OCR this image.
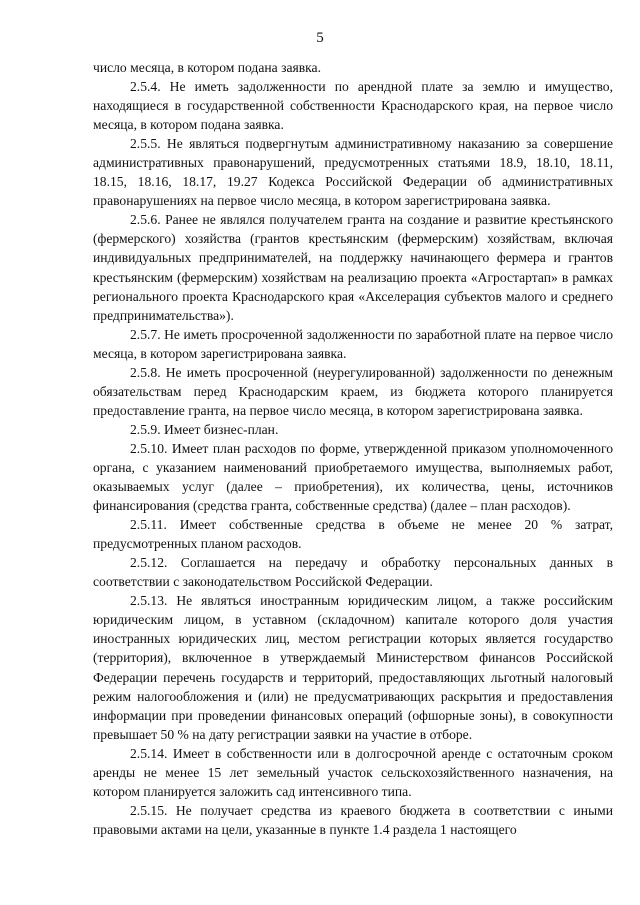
5

число месяца, в котором подана заявка.

2.5.4. Не иметь задолженности по арендной плате за землю и имущество, находящиеся в государственной собственности Краснодарского края, на первое число месяца, в котором подана заявка.

2.5.5. Не являться подвергнутым административному наказанию за совершение административных правонарушений, предусмотренных статьями 18.9, 18.10, 18.11, 18.15, 18.16, 18.17, 19.27 Кодекса Российской Федерации об административных правонарушениях на первое число месяца, в котором зарегистрирована заявка.

2.5.6. Ранее не являлся получателем гранта на создание и развитие крестьянского (фермерского) хозяйства (грантов крестьянским (фермерским) хозяйствам, включая индивидуальных предпринимателей, на поддержку начинающего фермера и грантов крестьянским (фермерским) хозяйствам на реализацию проекта «Агростартап» в рамках регионального проекта Краснодарского края «Акселерация субъектов малого и среднего предпринимательства»).

2.5.7. Не иметь просроченной задолженности по заработной плате на первое число месяца, в котором зарегистрирована заявка.

2.5.8. Не иметь просроченной (неурегулированной) задолженности по денежным обязательствам перед Краснодарским краем, из бюджета которого планируется предоставление гранта, на первое число месяца, в котором зарегистрирована заявка.

2.5.9. Имеет бизнес-план.

2.5.10. Имеет план расходов по форме, утвержденной приказом уполномоченного органа, с указанием наименований приобретаемого имущества, выполняемых работ, оказываемых услуг (далее – приобретения), их количества, цены, источников финансирования (средства гранта, собственные средства) (далее – план расходов).

2.5.11. Имеет собственные средства в объеме не менее 20 % затрат, предусмотренных планом расходов.

2.5.12. Соглашается на передачу и обработку персональных данных в соответствии с законодательством Российской Федерации.

2.5.13. Не являться иностранным юридическим лицом, а также российским юридическим лицом, в уставном (складочном) капитале которого доля участия иностранных юридических лиц, местом регистрации которых является государство (территория), включенное в утверждаемый Министерством финансов Российской Федерации перечень государств и территорий, предоставляющих льготный налоговый режим налогообложения и (или) не предусматривающих раскрытия и предоставления информации при проведении финансовых операций (офшорные зоны), в совокупности превышает 50 % на дату регистрации заявки на участие в отборе.

2.5.14. Имеет в собственности или в долгосрочной аренде с остаточным сроком аренды не менее 15 лет земельный участок сельскохозяйственного назначения, на котором планируется заложить сад интенсивного типа.

2.5.15. Не получает средства из краевого бюджета в соответствии с иными правовыми актами на цели, указанные в пункте 1.4 раздела 1 настоящего
